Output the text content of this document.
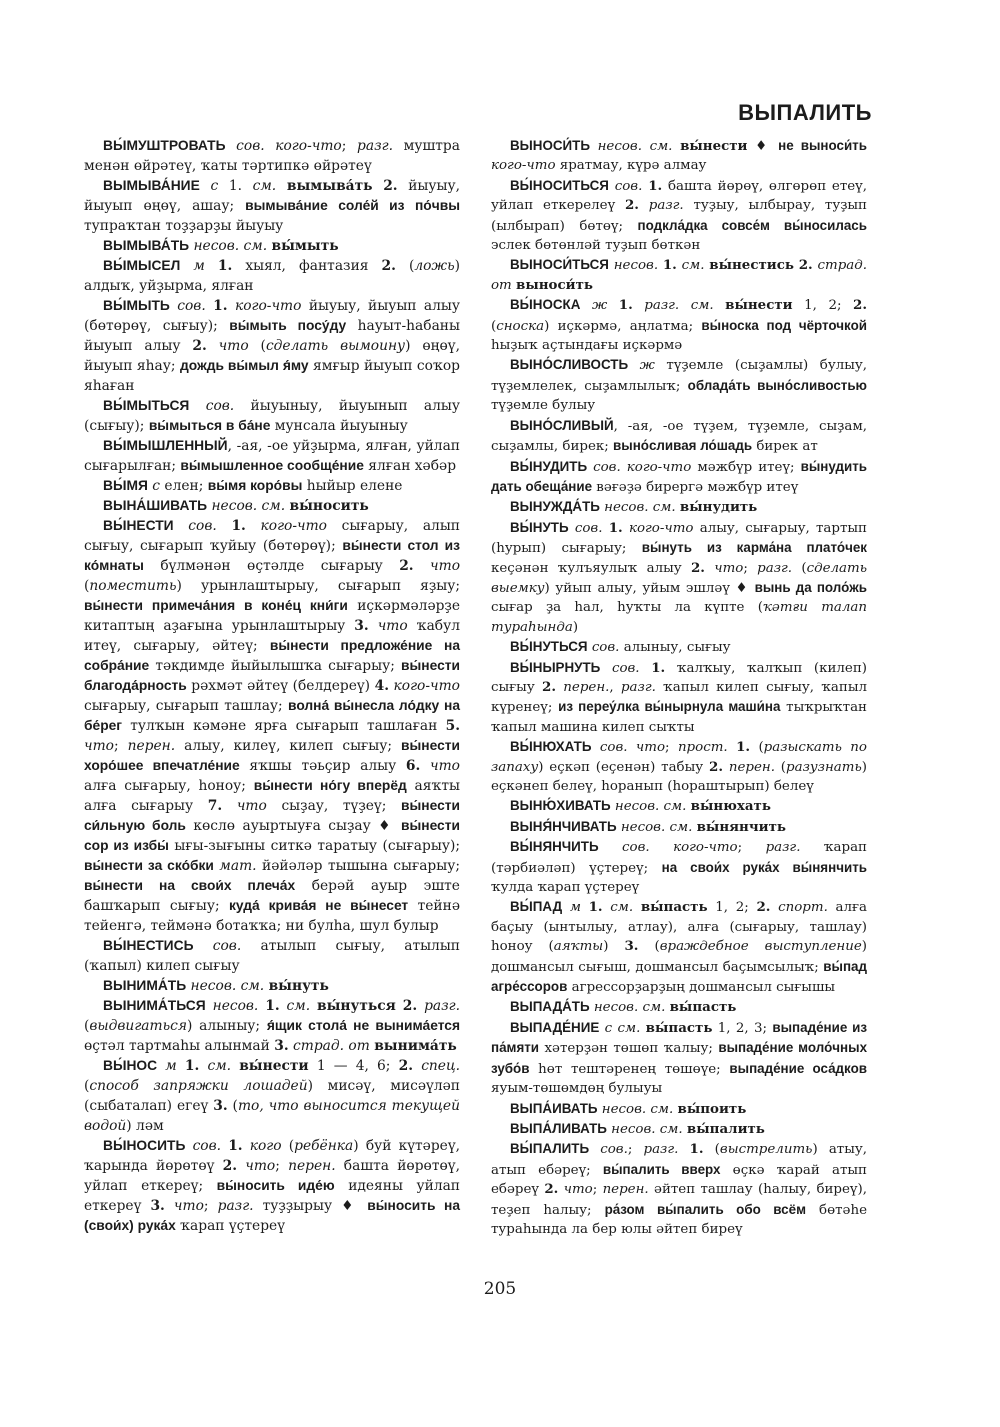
ВЫПАЛИТЬ

ВЫ́МУШТРОВАТЬ сов. кого-что; разг. муштра менән өйрәтеү, ҡаты тәртипкә өйрәтеү

ВЫМЫВА́НИЕ с 1. см. вымыва́ть 2. йыуыу, йыуып өңөү, ашау; вымыва́ние соле́й из по́чвы тупраҡтан тоҙҙарҙы йыуыу

ВЫМЫВА́ТЬ несов. см. вы́мыть

ВЫ́МЫСЕЛ м 1. хыял, фантазия 2. (ложь) алдыҡ, уйҙырма, ялған

ВЫ́МЫТЬ сов. 1. кого-что йыуыу, йыуып алыу (бөтөрөү, сығыу); вы́мыть посу́ду һауыт-һабаны йыуып алыу 2. что (сделать вымоину) өңөү, йыуып яһау; дождь вы́мыл я́му ямғыр йыуып соҡор яһаған

ВЫ́МЫТЬСЯ сов. йыуыныу, йыуынып алыу (сығыу); вы́мыться в ба́не мунсала йыуыныу

ВЫ́МЫШЛЕННЫЙ, -ая, -ое уйҙырма, ялған, уйлап сығарылған; вы́мышленное сообще́ние ялған хәбәр

ВЫ́МЯ с елен; вы́мя коро́вы һыйыр елене

ВЫНА́ШИВАТЬ несов. см. вы́носить

ВЫ́НЕСТИ сов. 1. кого-что сығарыу, алып сығыу, сығарып ҡуйыу (бөтөрөү); вы́нести стол из ко́мнаты бүлмәнән өҫтәлде сығарыу 2. что (поместить) урынлаштырыу, сығарып яҙыу; вы́нести примеча́ния в коне́ц кни́ги иҫкәрмәләрҙе китаптың аҙағына урынлаштырыу 3. что ҡабул итеү, сығарыу, әйтеү; вы́нести предложе́ние на собра́ние тәкдимде йыйылышҡа сығарыу; вы́нести благода́рность рәхмәт әйтеү (белдереү) 4. кого-что сығарыу, сығарып ташлау; волна́ вы́несла ло́дку на бе́рег тулҡын кәмәне ярға сығарып ташлаған 5. что; перен. алыу, килеү, килеп сығыу; вы́нести хоро́шее впечатле́ние яҡшы тәьҫир алыу 6. что алға сығарыу, һоноу; вы́нести но́гу вперёд аяҡты алға сығарыу 7. что сыҙау, түҙеү; вы́нести си́льную боль көслө ауыртыуға сыҙау ♦ вы́нести сор из избы́ ығы-зығыны ситкә таратыу (сығарыу); вы́нести за ско́бки мат. йәйәләр тышына сығарыу; вы́нести на свои́х плеча́х берәй ауыр эште башҡарып сығыу; куда́ крива́я не вы́несет тейнә тейенгә, теймәнә ботаҡҡа; ни булһа, шул булыр

ВЫ́НЕСТИСЬ сов. атылып сығыу, атылып (ҡапыл) килеп сығыу

ВЫНИМА́ТЬ несов. см. вы́нуть

ВЫНИМА́ТЬСЯ несов. 1. см. вы́нуться 2. разг. (выдвигаться) алыныу; я́щик стола́ не вынима́ется өҫтәл тартмаһы алынмай 3. страд. от вынима́ть

ВЫ́НОС м 1. см. вы́нести 1 — 4, 6; 2. спец. (способ запряжки лошадей) мисәү, мисәүләп (сыбаталап) егеү 3. (то, что выносится текущей водой) ләм

ВЫ́НОСИТЬ сов. 1. кого (ребёнка) буй күтәреү, ҡарында йөрөтөү 2. что; перен. башта йөрөтөү, уйлап еткереү; вы́носить иде́ю идеяны уйлап еткереү 3. что; разг. туҙҙырыу ♦ вы́носить на (свои́х) рука́х ҡарап үҫтереү

ВЫНОСИ́ТЬ несов. см. вы́нести ♦ не выноси́ть кого-что яратмау, күрә алмау

ВЫ́НОСИТЬСЯ сов. 1. башта йөрөү, өлгөрөп етеү, уйлап еткерелеү 2. разг. туҙыу, ылбырау, туҙып (ылбырап) бөтөү; подкла́дка совсе́м вы́носилась эслек бөтөнләй туҙып бөткән

ВЫНОСИ́ТЬСЯ несов. 1. см. вы́нестись 2. страд. от выноси́ть

ВЫ́НОСКА ж 1. разг. см. вы́нести 1, 2; 2. (сноска) иҫкәрмә, аңлатма; вы́носка под чёрточкой һыҙыҡ аҫтындағы иҫкәрмә

ВЫНО́СЛИВОСТЬ ж түҙемле (сыҙамлы) булыу, түҙемлелек, сыҙамлылыҡ; облада́ть выно́сливостью түҙемле булыу

ВЫНО́СЛИВЫЙ, -ая, -ое түҙем, түҙемле, сыҙам, сыҙамлы, бирек; выно́сливая ло́шадь бирек ат

ВЫ́НУДИТЬ сов. кого-что мәжбүр итеү; вы́нудить дать обеща́ние вәғәҙә бирергә мәжбүр итеү

ВЫНУЖДА́ТЬ несов. см. вы́нудить

ВЫ́НУТЬ сов. 1. кого-что алыу, сығарыу, тартып (һурып) сығарыу; вы́нуть из карма́на плато́чек кеҫәнән ҡулъяулыҡ алыу 2. что; разг. (сделать выемку) уйып алыу, уйым эшләү ♦ вынь да поло́жь сығар ҙа һал, һуҡты ла күпте (ҡәтғи талап тураһында)

ВЫ́НУТЬСЯ сов. алыныу, сығыу

ВЫ́НЫРНУТЬ сов. 1. ҡалҡыу, ҡалҡып (килеп) сығыу 2. перен., разг. ҡапыл килеп сығыу, ҡапыл күренеү; из переу́лка вы́нырнула маши́на тыҡрыҡтан ҡапыл машина килеп сыҡты

ВЫ́НЮХАТЬ сов. что; прост. 1. (разыскать по запаху) еҫкәп (еҫенән) табыу 2. перен. (разузнать) еҫкәнеп белеү, һоранып (һораштырып) белеү

ВЫНЮ́ХИВАТЬ несов. см. вы́нюхать

ВЫНЯ́НЧИВАТЬ несов. см. вы́нянчить

ВЫ́НЯНЧИТЬ сов. кого-что; разг. ҡарап (тәрбиәләп) үҫтереү; на свои́х рука́х вы́нянчить ҡулда ҡарап үҫтереү

ВЫ́ПАД м 1. см. вы́пасть 1, 2; 2. спорт. алға баҫыу (ынтылыу, атлау), алға (сығарыу, ташлау) һоноу (аяҡты) 3. (враждебное выступление) дошмансыл сығыш, дошмансыл баҫымсылыҡ; вы́пад агре́ссоров агрессорҙарҙың дошмансыл сығышы

ВЫПАДА́ТЬ несов. см. вы́пасть

ВЫПАДЕ́НИЕ с см. вы́пасть 1, 2, 3; выпаде́ние из па́мяти хәтерҙән төшөп ҡалыу; выпаде́ние моло́чных зубо́в һөт тештәренең төшөүе; выпаде́ние оса́дков яуым-төшөмдөң булыуы

ВЫПА́ИВАТЬ несов. см. вы́поить

ВЫПА́ЛИВАТЬ несов. см. вы́палить

ВЫ́ПАЛИТЬ сов.; разг. 1. (выстрелить) атыу, атып ебәреү; вы́палить вверх өҫкә ҡарай атып ебәреү 2. что; перен. әйтеп ташлау (һалыу, биреү), теҙеп һалыу; ра́зом вы́палить обо всём бөтәһе тураһында ла бер юлы әйтеп биреү

205
